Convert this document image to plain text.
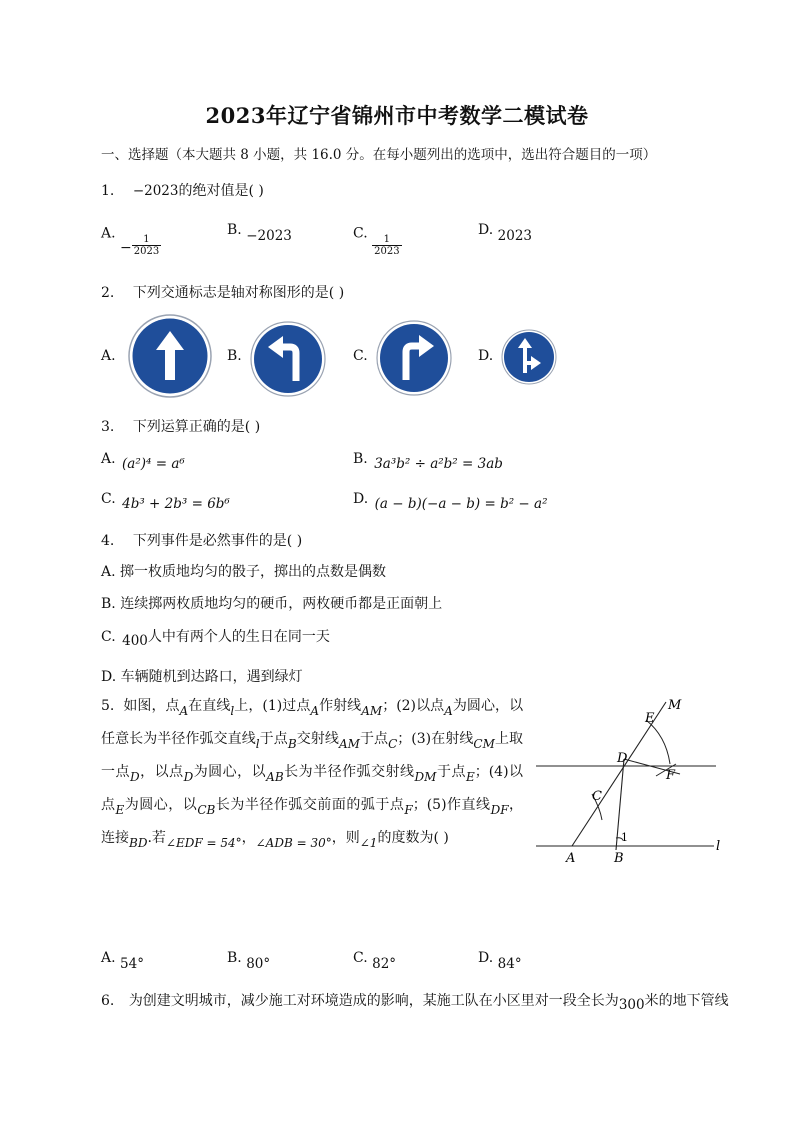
2023年辽宁省锦州市中考数学二模试卷
一、选择题（本大题共 8 小题，共 16.0 分。在每小题列出的选项中，选出符合题目的一项）
1. −2023的绝对值是( )
A. − $\frac{1}{2023}$
B. −2023	C.
$\frac{1}{2023}$
D. 2023
2. 下列交通标志是轴对称图形的是( )
A.	B.	C.	D.
3. 下列运算正确的是( )
A. (a²)⁴ = a⁶	B. 3a³b² ÷ a²b² = 3ab
C. 4b³ + 2b³ = 6b⁶	D. (a − b)(−a − b) = b² − a²
4. 下列事件是必然事件的是( )
A. 掷一枚质地均匀的骰子，掷出的点数是偶数
B. 连续掷两枚质地均匀的硬币，两枚硬币都是正面朝上
C. 400人中有两个人的生日在同一天
D. 车辆随机到达路口，遇到绿灯
5. 如图，点A在直线l上，(1)过点A作射线AM；(2)以点A为圆心，以任意长为半径作弧交直线l于点B交射线AM于点C；(3)在射线CM上取一点D，以点D为圆心，以AB长为半径作弧交射线DM于点E；(4)以点E为圆心，以CB长为半径作弧交前面的弧于点F；(5)作直线DF，连接BD.若∠EDF = 54°，∠ADB = 30°，则∠1的度数为( )
M
E
D
F
C
1
A	B
l
A. 54°	B. 80°	C. 82°	D. 84°
6. 为创建文明城市，减少施工对环境造成的影响，某施工队在小区里对一段全长为300米的地下管线
